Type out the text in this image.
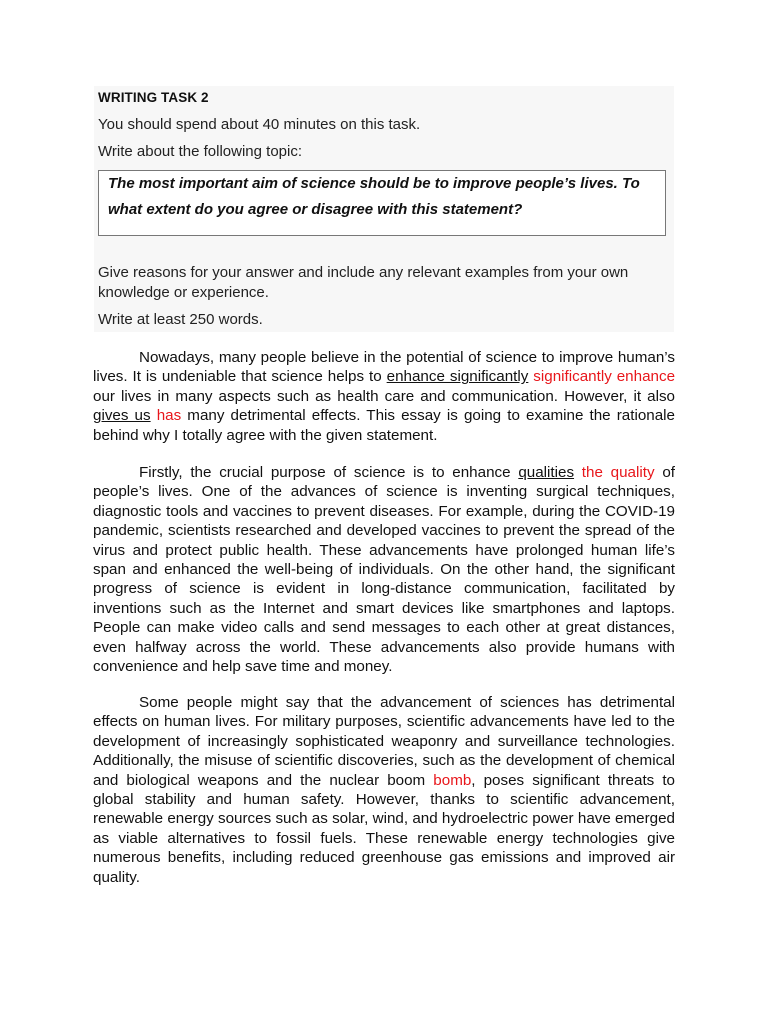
WRITING TASK 2
You should spend about 40 minutes on this task.
Write about the following topic:
The most important aim of science should be to improve people’s lives. To what extent do you agree or disagree with this statement?
Give reasons for your answer and include any relevant examples from your own
knowledge or experience.
Write at least 250 words.

Nowadays, many people believe in the potential of science to improve human’s lives. It is undeniable that science helps to enhance significantly significantly enhance our lives in many aspects such as health care and communication. However, it also gives us has many detrimental effects. This essay is going to examine the rationale behind why I totally agree with the given statement.

Firstly, the crucial purpose of science is to enhance qualities the quality of people’s lives. One of the advances of science is inventing surgical techniques, diagnostic tools and vaccines to prevent diseases. For example, during the COVID-19 pandemic, scientists researched and developed vaccines to prevent the spread of the virus and protect public health. These advancements have prolonged human life’s span and enhanced the well-being of individuals. On the other hand, the significant progress of science is evident in long-distance communication, facilitated by inventions such as the Internet and smart devices like smartphones and laptops. People can make video calls and send messages to each other at great distances, even halfway across the world. These advancements also provide humans with convenience and help save time and money.

Some people might say that the advancement of sciences has detrimental effects on human lives. For military purposes, scientific advancements have led to the development of increasingly sophisticated weaponry and surveillance technologies. Additionally, the misuse of scientific discoveries, such as the development of chemical and biological weapons and the nuclear boom bomb, poses significant threats to global stability and human safety. However, thanks to scientific advancement, renewable energy sources such as solar, wind, and hydroelectric power have emerged as viable alternatives to fossil fuels. These renewable energy technologies give numerous benefits, including reduced greenhouse gas emissions and improved air quality.
